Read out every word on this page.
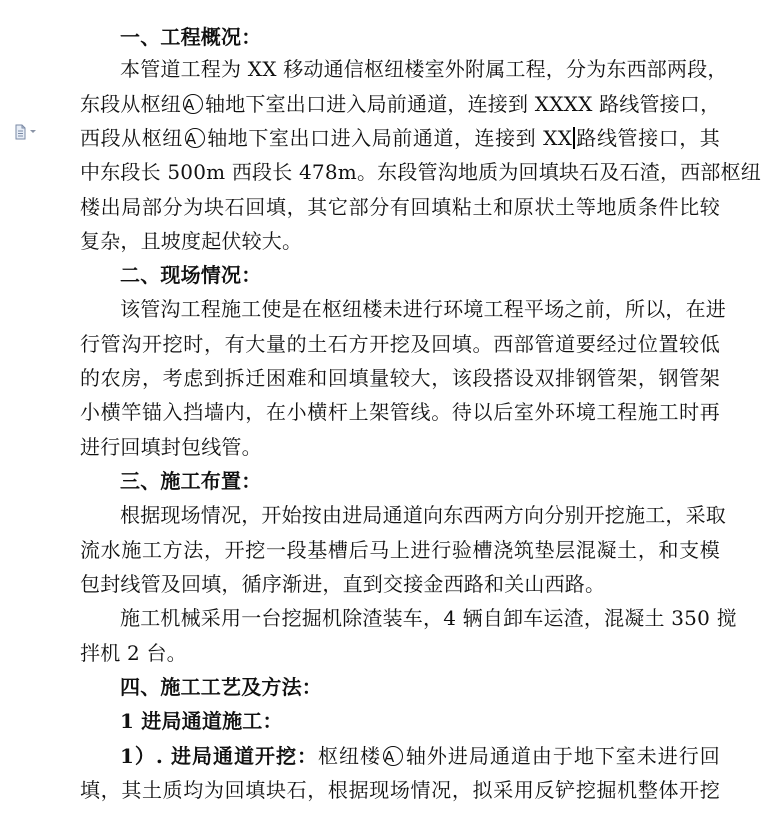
一、工程概况：
本管道工程为 XX 移动通信枢纽楼室外附属工程，分为东西部两段，
东段从枢纽 A 轴地下室出口进入局前通道，连接到 XXXX 路线管接口，
西段从枢纽 A 轴地下室出口进入局前通道，连接到 XX 路线管接口，其
中东段长 500m 西段长 478m。东段管沟地质为回填块石及石渣，西部枢纽
楼出局部分为块石回填，其它部分有回填粘土和原状土等地质条件比较
复杂，且坡度起伏较大。
二、现场情况：
该管沟工程施工使是在枢纽楼未进行环境工程平场之前，所以，在进
行管沟开挖时，有大量的土石方开挖及回填。西部管道要经过位置较低
的农房，考虑到拆迁困难和回填量较大，该段搭设双排钢管架，钢管架
小横竿锚入挡墙内，在小横杆上架管线。待以后室外环境工程施工时再
进行回填封包线管。
三、施工布置：
根据现场情况，开始按由进局通道向东西两方向分别开挖施工，采取
流水施工方法，开挖一段基槽后马上进行验槽浇筑垫层混凝土，和支模
包封线管及回填，循序渐进，直到交接金西路和关山西路。
施工机械采用一台挖掘机除渣装车，4 辆自卸车运渣，混凝土 350 搅
拌机 2 台。
四、施工工艺及方法：
1 进局通道施工：
1）. 进局通道开挖：枢纽楼 A 轴外进局通道由于地下室未进行回
填，其土质均为回填块石，根据现场情况，拟采用反铲挖掘机整体开挖
